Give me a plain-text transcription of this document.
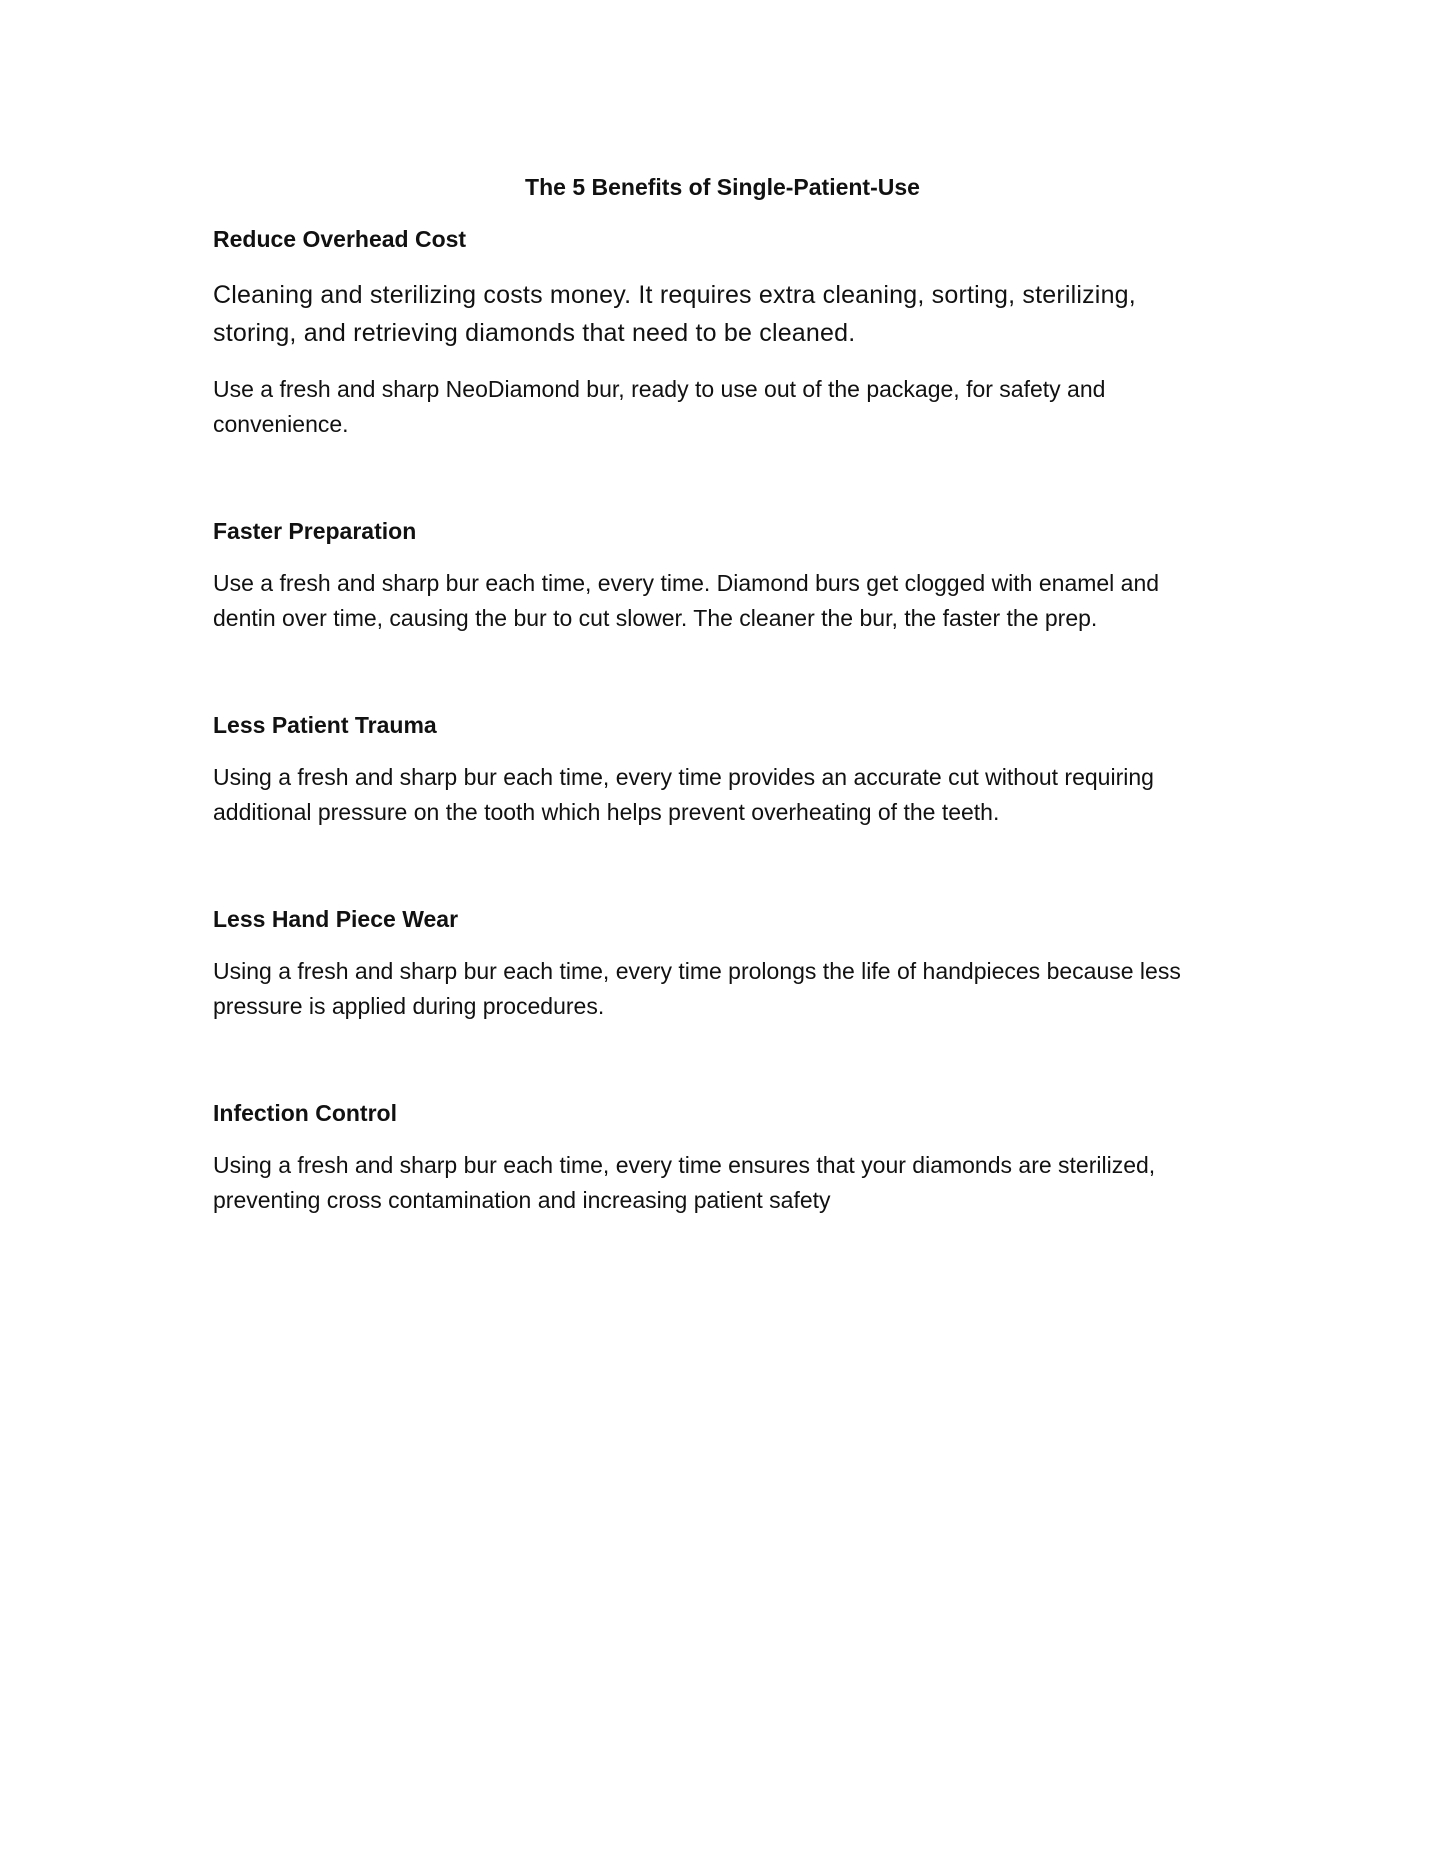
The 5 Benefits of Single-Patient-Use
Reduce Overhead Cost

Cleaning and sterilizing costs money. It requires extra cleaning, sorting, sterilizing, storing, and retrieving diamonds that need to be cleaned.

Use a fresh and sharp NeoDiamond bur, ready to use out of the package, for safety and convenience.

Faster Preparation

Use a fresh and sharp bur each time, every time. Diamond burs get clogged with enamel and dentin over time, causing the bur to cut slower. The cleaner the bur, the faster the prep.

Less Patient Trauma

Using a fresh and sharp bur each time, every time provides an accurate cut without requiring additional pressure on the tooth which helps prevent overheating of the teeth.

Less Hand Piece Wear

Using a fresh and sharp bur each time, every time prolongs the life of handpieces because less pressure is applied during procedures.

Infection Control

Using a fresh and sharp bur each time, every time ensures that your diamonds are sterilized, preventing cross contamination and increasing patient safety
